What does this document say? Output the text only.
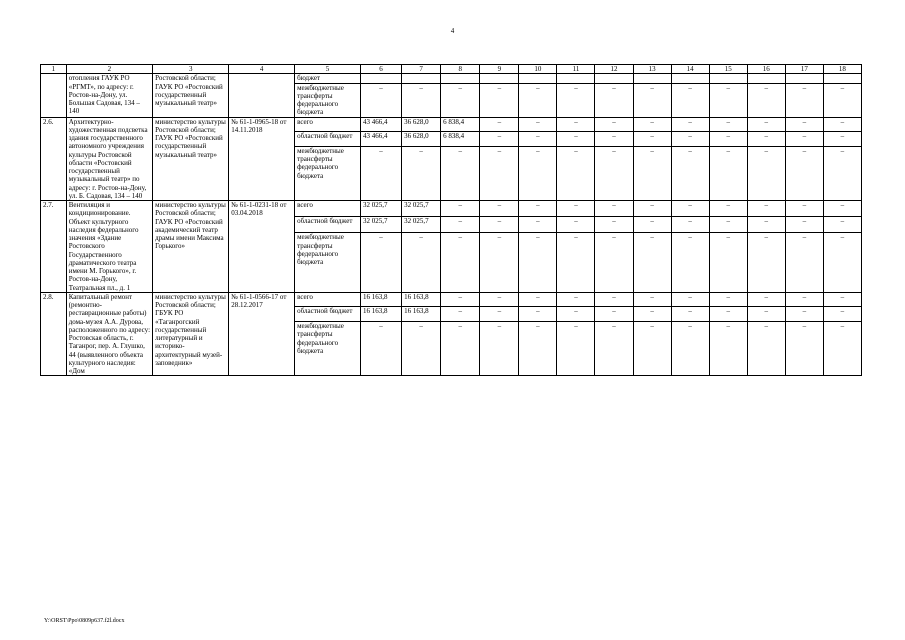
4
1	2	3	4	5	6	7	8	9	10	11	12	13	14	15	16	17	18
	отопления ГАУК РО «РГМТ», по адресу: г. Ростов-на-Дону, ул. Большая Садовая, 134 – 140	Ростовской области; ГАУК РО «Ростовский государственный музыкальный театр»		бюджет													
				межбюджетные трансферты федерального бюджета	–	–	–	–	–	–	–	–	–	–	–	–	–
2.6.	Архитектурно-художественная подсветка здания государственного автономного учреждения культуры Ростовской области «Ростовский государственный музыкальный театр» по адресу: г. Ростов-на-Дону, ул. Б. Садовая, 134 – 140	министерство культуры Ростовской области; ГАУК РО «Ростовский государственный музыкальный театр»	№ 61-1-0965-18 от 14.11.2018	всего	43 466,4	36 628,0	6 838,4	–	–	–	–	–	–	–	–	–	–
				областной бюджет	43 466,4	36 628,0	6 838,4	–	–	–	–	–	–	–	–	–	–
				межбюджетные трансферты федерального бюджета	–	–	–	–	–	–	–	–	–	–	–	–	–
2.7.	Вентиляция и кондиционирование. Объект культурного наследия федерального значения «Здание Ростовского Государственного драматического театра имени М. Горького», г. Ростов-на-Дону, Театральная пл., д. 1	министерство культуры Ростовской области; ГАУК РО «Ростовский академический театр драмы имени Максима Горького»	№ 61-1-0231-18 от 03.04.2018	всего	32 025,7	32 025,7	–	–	–	–	–	–	–	–	–	–	–
				областной бюджет	32 025,7	32 025,7	–	–	–	–	–	–	–	–	–	–	–
				межбюджетные трансферты федерального бюджета	–	–	–	–	–	–	–	–	–	–	–	–	–
2.8.	Капитальный ремонт (ремонтно-реставрационные работы) дома-музея А.А. Дурова, расположенного по адресу: Ростовская область, г. Таганрог, пер. А. Глушко, 44 (выявленного объекта культурного наследия: «Дом	министерство культуры Ростовской области; ГБУК РО «Таганрогский государственный литературный и историко-архитектурный музей-заповедник»	№ 61-1-0566-17 от 28.12.2017	всего	16 163,8	16 163,8	–	–	–	–	–	–	–	–	–	–	–
				областной бюджет	16 163,8	16 163,8	–	–	–	–	–	–	–	–	–	–	–
				межбюджетные трансферты федерального бюджета	–	–	–	–	–	–	–	–	–	–	–	–	–
Y:\ORST\Ppo\0809p637.f2l.docx
